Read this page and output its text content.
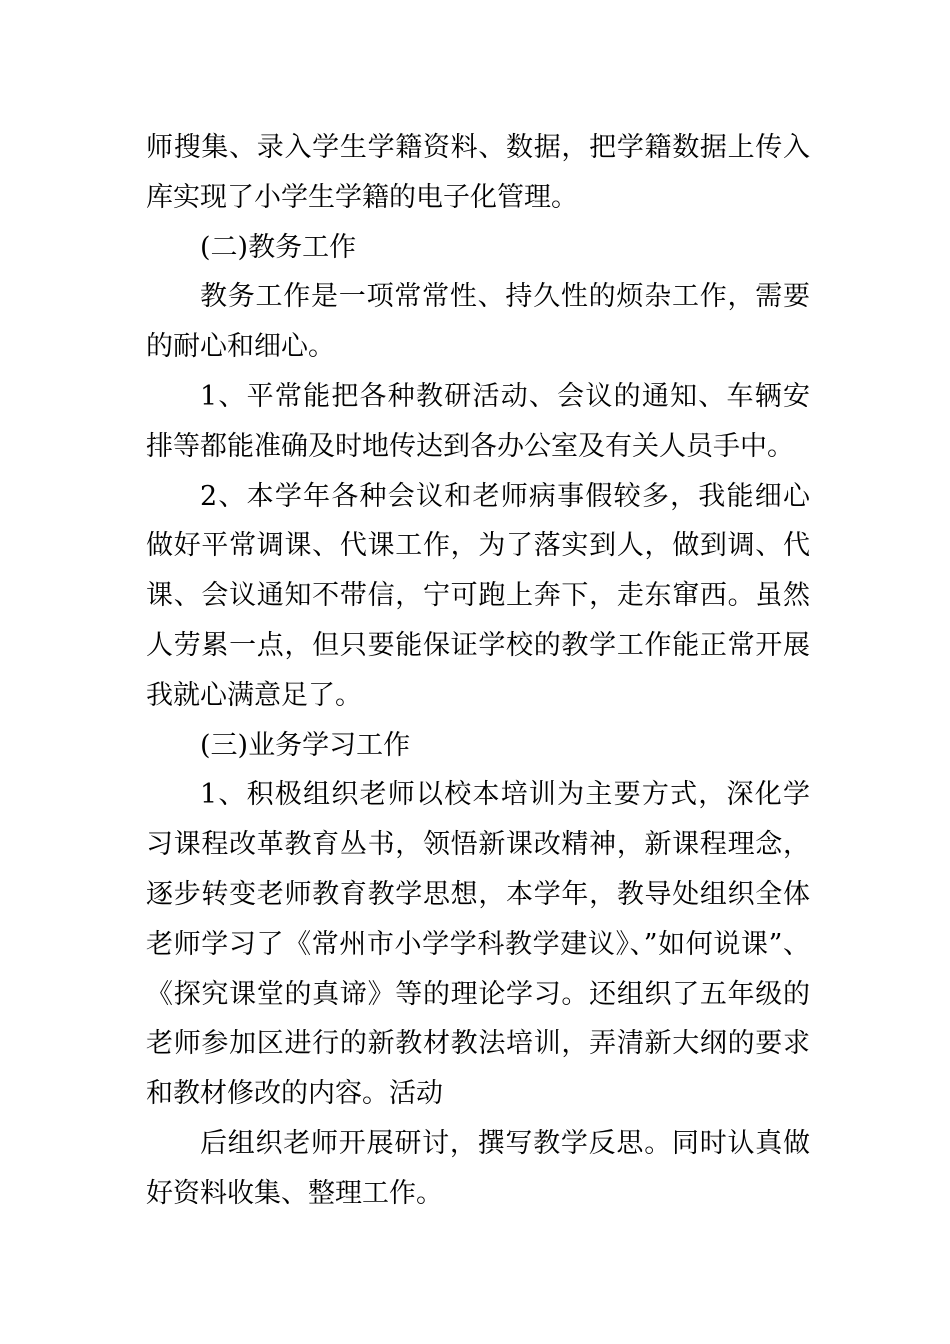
师搜集、录入学生学籍资料、数据，把学籍数据上传入库实现了小学生学籍的电子化管理。

(二)教务工作

教务工作是一项常常性、持久性的烦杂工作，需要的耐心和细心。

1、平常能把各种教研活动、会议的通知、车辆安排等都能准确及时地传达到各办公室及有关人员手中。

2、本学年各种会议和老师病事假较多，我能细心做好平常调课、代课工作，为了落实到人，做到调、代课、会议通知不带信，宁可跑上奔下，走东窜西。虽然人劳累一点，但只要能保证学校的教学工作能正常开展我就心满意足了。

(三)业务学习工作

1、积极组织老师以校本培训为主要方式，深化学习课程改革教育丛书，领悟新课改精神，新课程理念，逐步转变老师教育教学思想，本学年，教导处组织全体老师学习了《常州市小学学科教学建议》、”如何说课”、《探究课堂的真谛》等的理论学习。还组织了五年级的老师参加区进行的新教材教法培训，弄清新大纲的要求和教材修改的内容。活动

后组织老师开展研讨，撰写教学反思。同时认真做好资料收集、整理工作。
